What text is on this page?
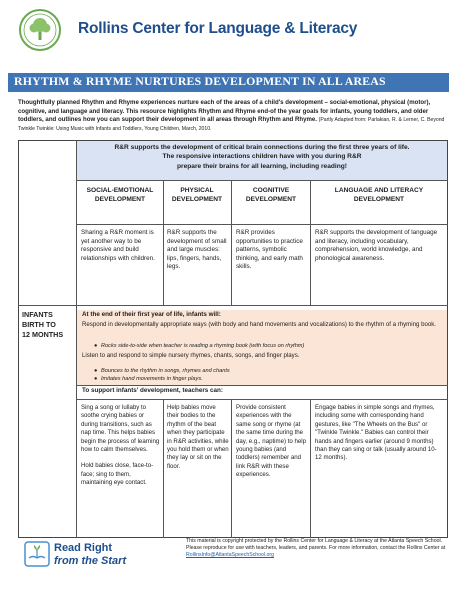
Rollins Center for Language & Literacy
RHYTHM & RHYME NURTURES DEVELOPMENT IN ALL AREAS
Thoughtfully planned Rhythm and Rhyme experiences nurture each of the areas of a child's development – social-emotional, physical (motor), cognitive, and language and literacy. This resource highlights Rhythm and Rhyme end-of the year goals for infants, young toddlers, and older toddlers, and outlines how you can support their development in all areas through Rhythm and Rhyme. (Partly Adapted from: Parlakian, R. & Lerner, C. Beyond Twinkle Twinkle: Using Music with Infants and Toddlers, Young Children, March, 2010.
R&R supports the development of critical brain connections during the first three years of life.
The responsive interactions children have with you during R&R
prepare their brains for all learning, including reading!
SOCIAL-EMOTIONAL DEVELOPMENT
PHYSICAL DEVELOPMENT
COGNITIVE DEVELOPMENT
LANGUAGE AND LITERACY DEVELOPMENT
Sharing a R&R moment is yet another way to be responsive and build relationships with children.
R&R supports the development of small and large muscles: lips, fingers, hands, legs.
R&R provides opportunities to practice patterns, symbolic thinking, and early math skills.
R&R supports the development of language and literacy, including vocabulary, comprehension, world knowledge, and phonological awareness.
INFANTS
BIRTH TO
12 MONTHS
At the end of their first year of life, infants will:
Respond in developmentally appropriate ways (with body and hand movements and vocalizations) to the rhythm of a rhyming book.
● Rocks side-to-side when teacher is reading a rhyming book (with focus on rhythm)
Listen to and respond to simple nursery rhymes, chants, songs, and finger plays.
● Bounces to the rhythm in songs, rhymes and chants
● Imitates hand movements in finger plays.
To support infants' development, teachers can:
Sing a song or lullaby to soothe crying babies or during transitions, such as nap time. This helps babies begin the process of learning how to calm themselves.
Hold babies close, face-to-face; sing to them, maintaining eye contact.
Help babies move their bodies to the rhythm of the beat when they participate in R&R activities, while you hold them or when they lay or sit on the floor.
Provide consistent experiences with the same song or rhyme (at the same time during the day, e.g., naptime) to help young babies (and toddlers) remember and link R&R with these experiences.
Engage babies in simple songs and rhymes, including some with corresponding hand gestures, like "The Wheels on the Bus" or "Twinkle Twinkle." Babies can control their hands and fingers earlier (around 9 months) than they can sing or talk (usually around 10-12 months).
Read Right
from the Start
This material is copyright protected by the Rollins Center for Language & Literacy at the Atlanta Speech School. Please reproduce for use with teachers, leaders, and parents. For more information, contact the Rollins Center at
RollinsInfo@AtlantaSpeechSchool.org
